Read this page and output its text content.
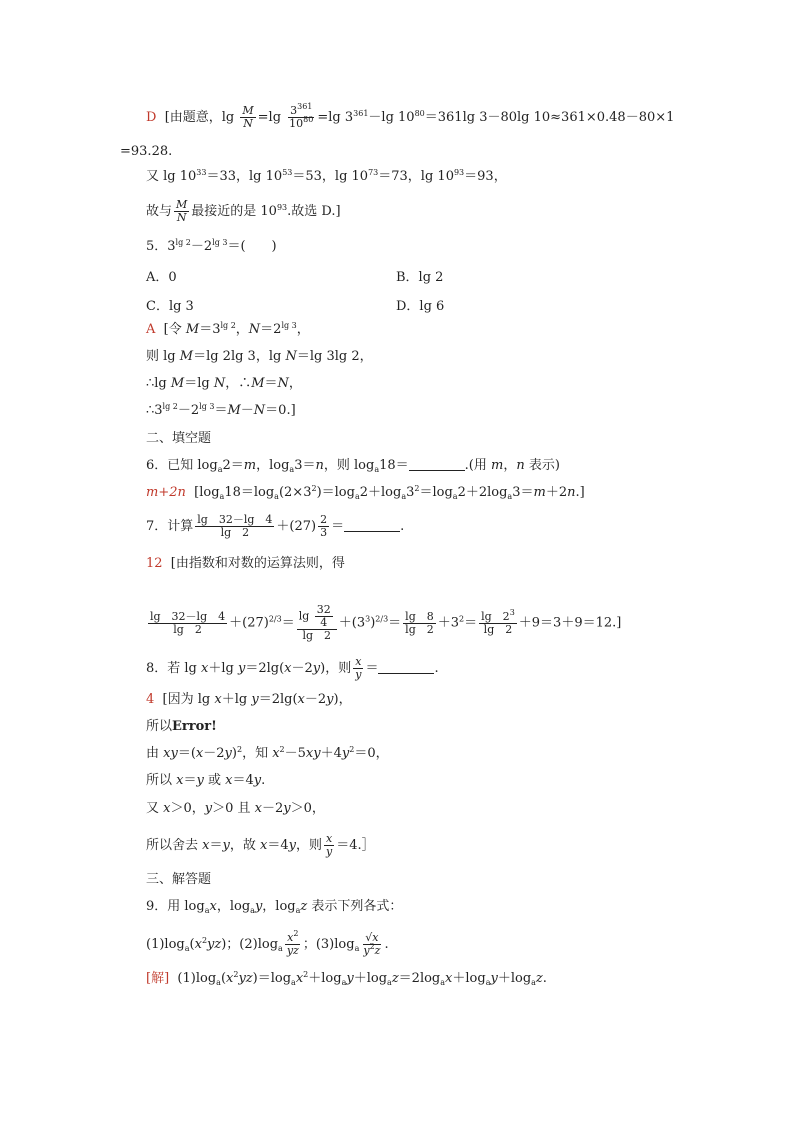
D  [由题意，$\lg \frac{M}{N} =\lg \frac{3^{361}}{10^{80}} =\lg$ $3^{361}-\lg$ $10^{80}=361\lg$ 3－80lg 10≈361×0.48－80×1
=93.28.
又 $\lg 10^{33}=33$，$\lg 10^{53}=53$，$\lg 10^{73}=73$，$\lg 10^{93}=93$，
故与 $\frac{M}{N}$ 最接近的是 $10^{93}$.故选 D.]
5．$3^{lg 2}-2^{lg 3}=$(　　)
A．0	B．lg 2
C．lg 3	D．lg 6
A  [令 $M=3^{lg 2}$，$N=2^{lg 3}$，
则 lg M＝lg 2lg 3，lg N＝lg 3lg 2，
∴lg M＝lg N，∴M＝N，
$\therefore 3^{lg 2}-2^{lg 3}=M-N=0$.]
二、填空题
6．已知 $\log_a2=m$，$\log_a3=n$，则 $\log_a18=$	.(用 m，n 表示)
m+2n  $[\log_a18=\log_a(2\times 3^2)=\log_a2+\log_a3^2=\log_a2+2\log_a3=m+2n.]$
7．计算 $\frac{\lg 32-\lg 4}{\lg 2} +(27) \frac{2}{3}$ ＝	.
12  [由指数和对数的运算法则，得
$\frac{\lg 32-\lg 4}{\lg 2} +(27)^{2/3}= \frac{\lg \frac{32}{4}}{\lg 2} +(3^3)^{2/3}= \frac{\lg 8}{\lg 2} +3^2= \frac{\lg 2^3}{\lg 2} +9=3+9=12$.]
8．若 lg x＋lg y＝2lg(x－2y)，则 $\frac{x}{y}$ ＝	.
4  [因为 lg x＋lg y＝2lg(x－2y)，
所以Error!
由 $xy=(x-2y)^2$，知 $x^2-5xy+4y^2=0$，
所以 x＝y 或 x＝4y.
又 x＞0，y＞0 且 x－2y＞0，
所以舍去 x＝y，故 x＝4y，则 $\frac{x}{y}$ ＝4.］
三、解答题
9．用 $\log_ax$，$\log_ay$，$\log_az$ 表示下列各式：
$(1)\log_a(x^2yz)$；$(2)\log_a \frac{x^2}{yz}$ ；$(3)\log_a \frac{√x}{y^2z}$ .
[解]  $(1)\log_a(x^2yz)=\log_ax^2+\log_ay+\log_az=2\log_ax+\log_ay+\log_az$.
